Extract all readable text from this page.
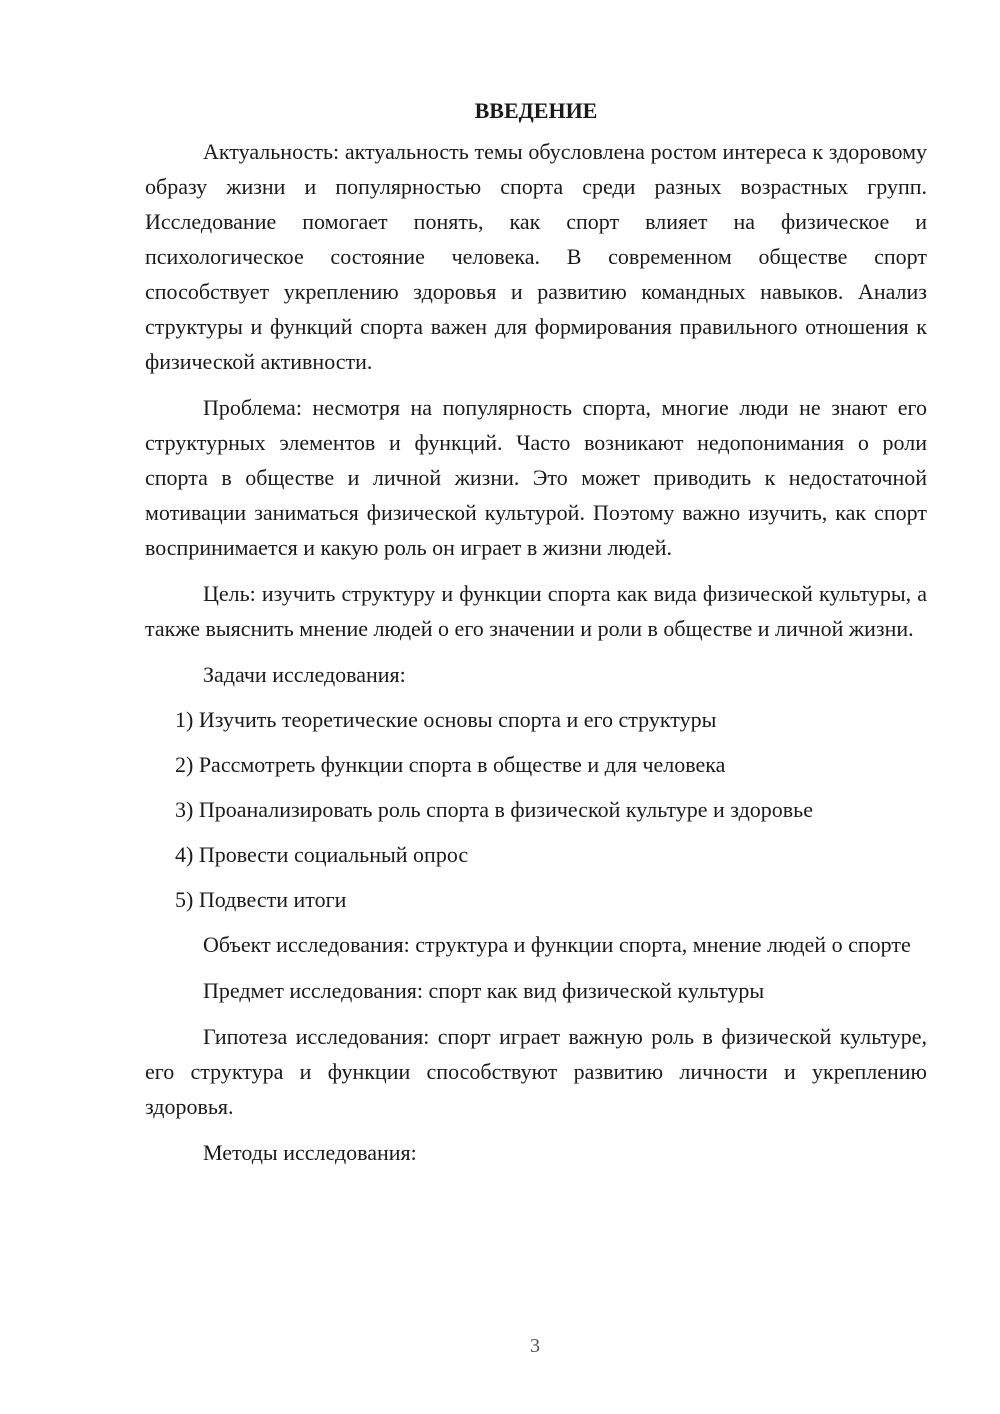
ВВЕДЕНИЕ

Актуальность: актуальность темы обусловлена ростом интереса к здоровому образу жизни и популярностью спорта среди разных возрастных групп. Исследование помогает понять, как спорт влияет на физическое и психологическое состояние человека. В современном обществе спорт способствует укреплению здоровья и развитию командных навыков. Анализ структуры и функций спорта важен для формирования правильного отношения к физической активности.

Проблема: несмотря на популярность спорта, многие люди не знают его структурных элементов и функций. Часто возникают недопонимания о роли спорта в обществе и личной жизни. Это может приводить к недостаточной мотивации заниматься физической культурой. Поэтому важно изучить, как спорт воспринимается и какую роль он играет в жизни людей.

Цель: изучить структуру и функции спорта как вида физической культуры, а также выяснить мнение людей о его значении и роли в обществе и личной жизни.

Задачи исследования:
1) Изучить теоретические основы спорта и его структуры
2) Рассмотреть функции спорта в обществе и для человека
3) Проанализировать роль спорта в физической культуре и здоровье
4) Провести социальный опрос
5) Подвести итоги

Объект исследования: структура и функции спорта, мнение людей о спорте

Предмет исследования: спорт как вид физической культуры

Гипотеза исследования: спорт играет важную роль в физической культуре, его структура и функции способствуют развитию личности и укреплению здоровья.

Методы исследования:

3
